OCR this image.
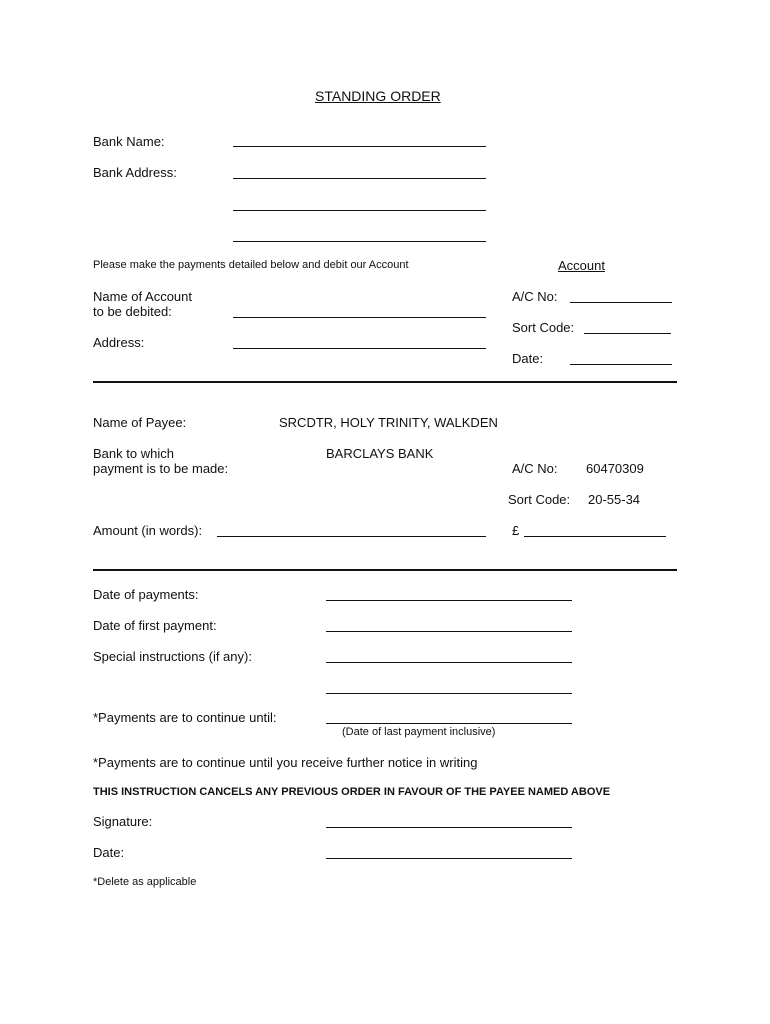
STANDING ORDER
Bank Name:
Bank Address:
Please make the payments detailed below and debit our Account	Account
Name of Account
to be debited:
Address:
A/C No:
Sort Code:
Date:
Name of Payee:	SRCDTR, HOLY TRINITY, WALKDEN
Bank to which
payment is to be made:
BARCLAYS BANK
A/C No: 60470309
Sort Code: 20-55-34
Amount (in words):	£
Date of payments:
Date of first payment:
Special instructions (if any):
*Payments are to continue until:
(Date of last payment inclusive)
*Payments are to continue until you receive further notice in writing
THIS INSTRUCTION CANCELS ANY PREVIOUS ORDER IN FAVOUR OF THE PAYEE NAMED ABOVE
Signature:
Date:
*Delete as applicable
